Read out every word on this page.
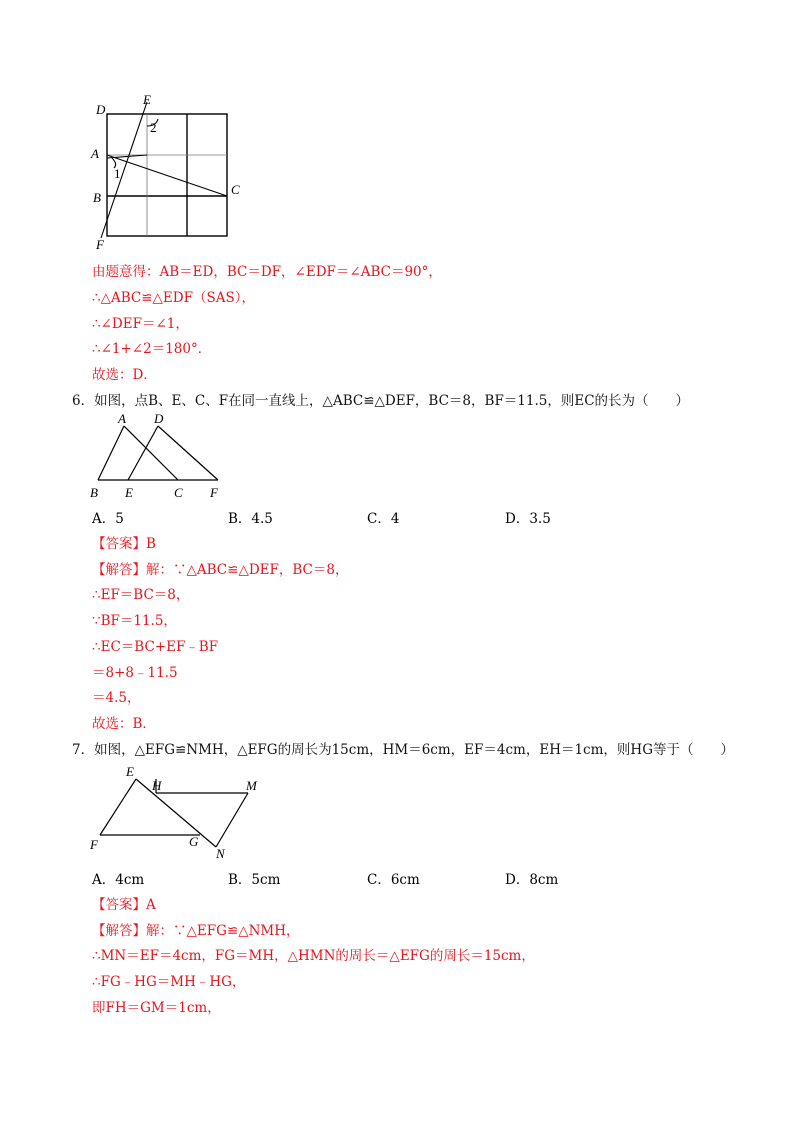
D
E
A
B
C
F
1
2
由题意得：AB＝ED，BC＝DF，∠EDF＝∠ABC＝90°，
∴△ABC≌△EDF（SAS），
∴∠DEF＝∠1，
∴∠1+∠2＝180°．
故选：D．
6．如图，点B、E、C、F在同一直线上，△ABC≌△DEF，BC＝8，BF＝11.5，则EC的长为（　　）
A D
B E	C F
A．5	B．4.5	C．4	D．3.5
【答案】B
【解答】解：∵△ABC≌△DEF，BC＝8，
∴EF＝BC＝8，
∵BF＝11.5，
∴EC＝BC+EF﹣BF
＝8+8﹣11.5
＝4.5，
故选：B．
7．如图，△EFG≌NMH，△EFG的周长为15cm，HM＝6cm，EF＝4cm，EH＝1cm，则HG等于（　　）
E
H	M
F	G
N
A．4cm	B．5cm	C．6cm	D．8cm
【答案】A
【解答】解：∵△EFG≌△NMH，
∴MN＝EF＝4cm，FG＝MH，△HMN的周长＝△EFG的周长＝15cm，
∴FG﹣HG＝MH﹣HG，
即FH＝GM＝1cm，
